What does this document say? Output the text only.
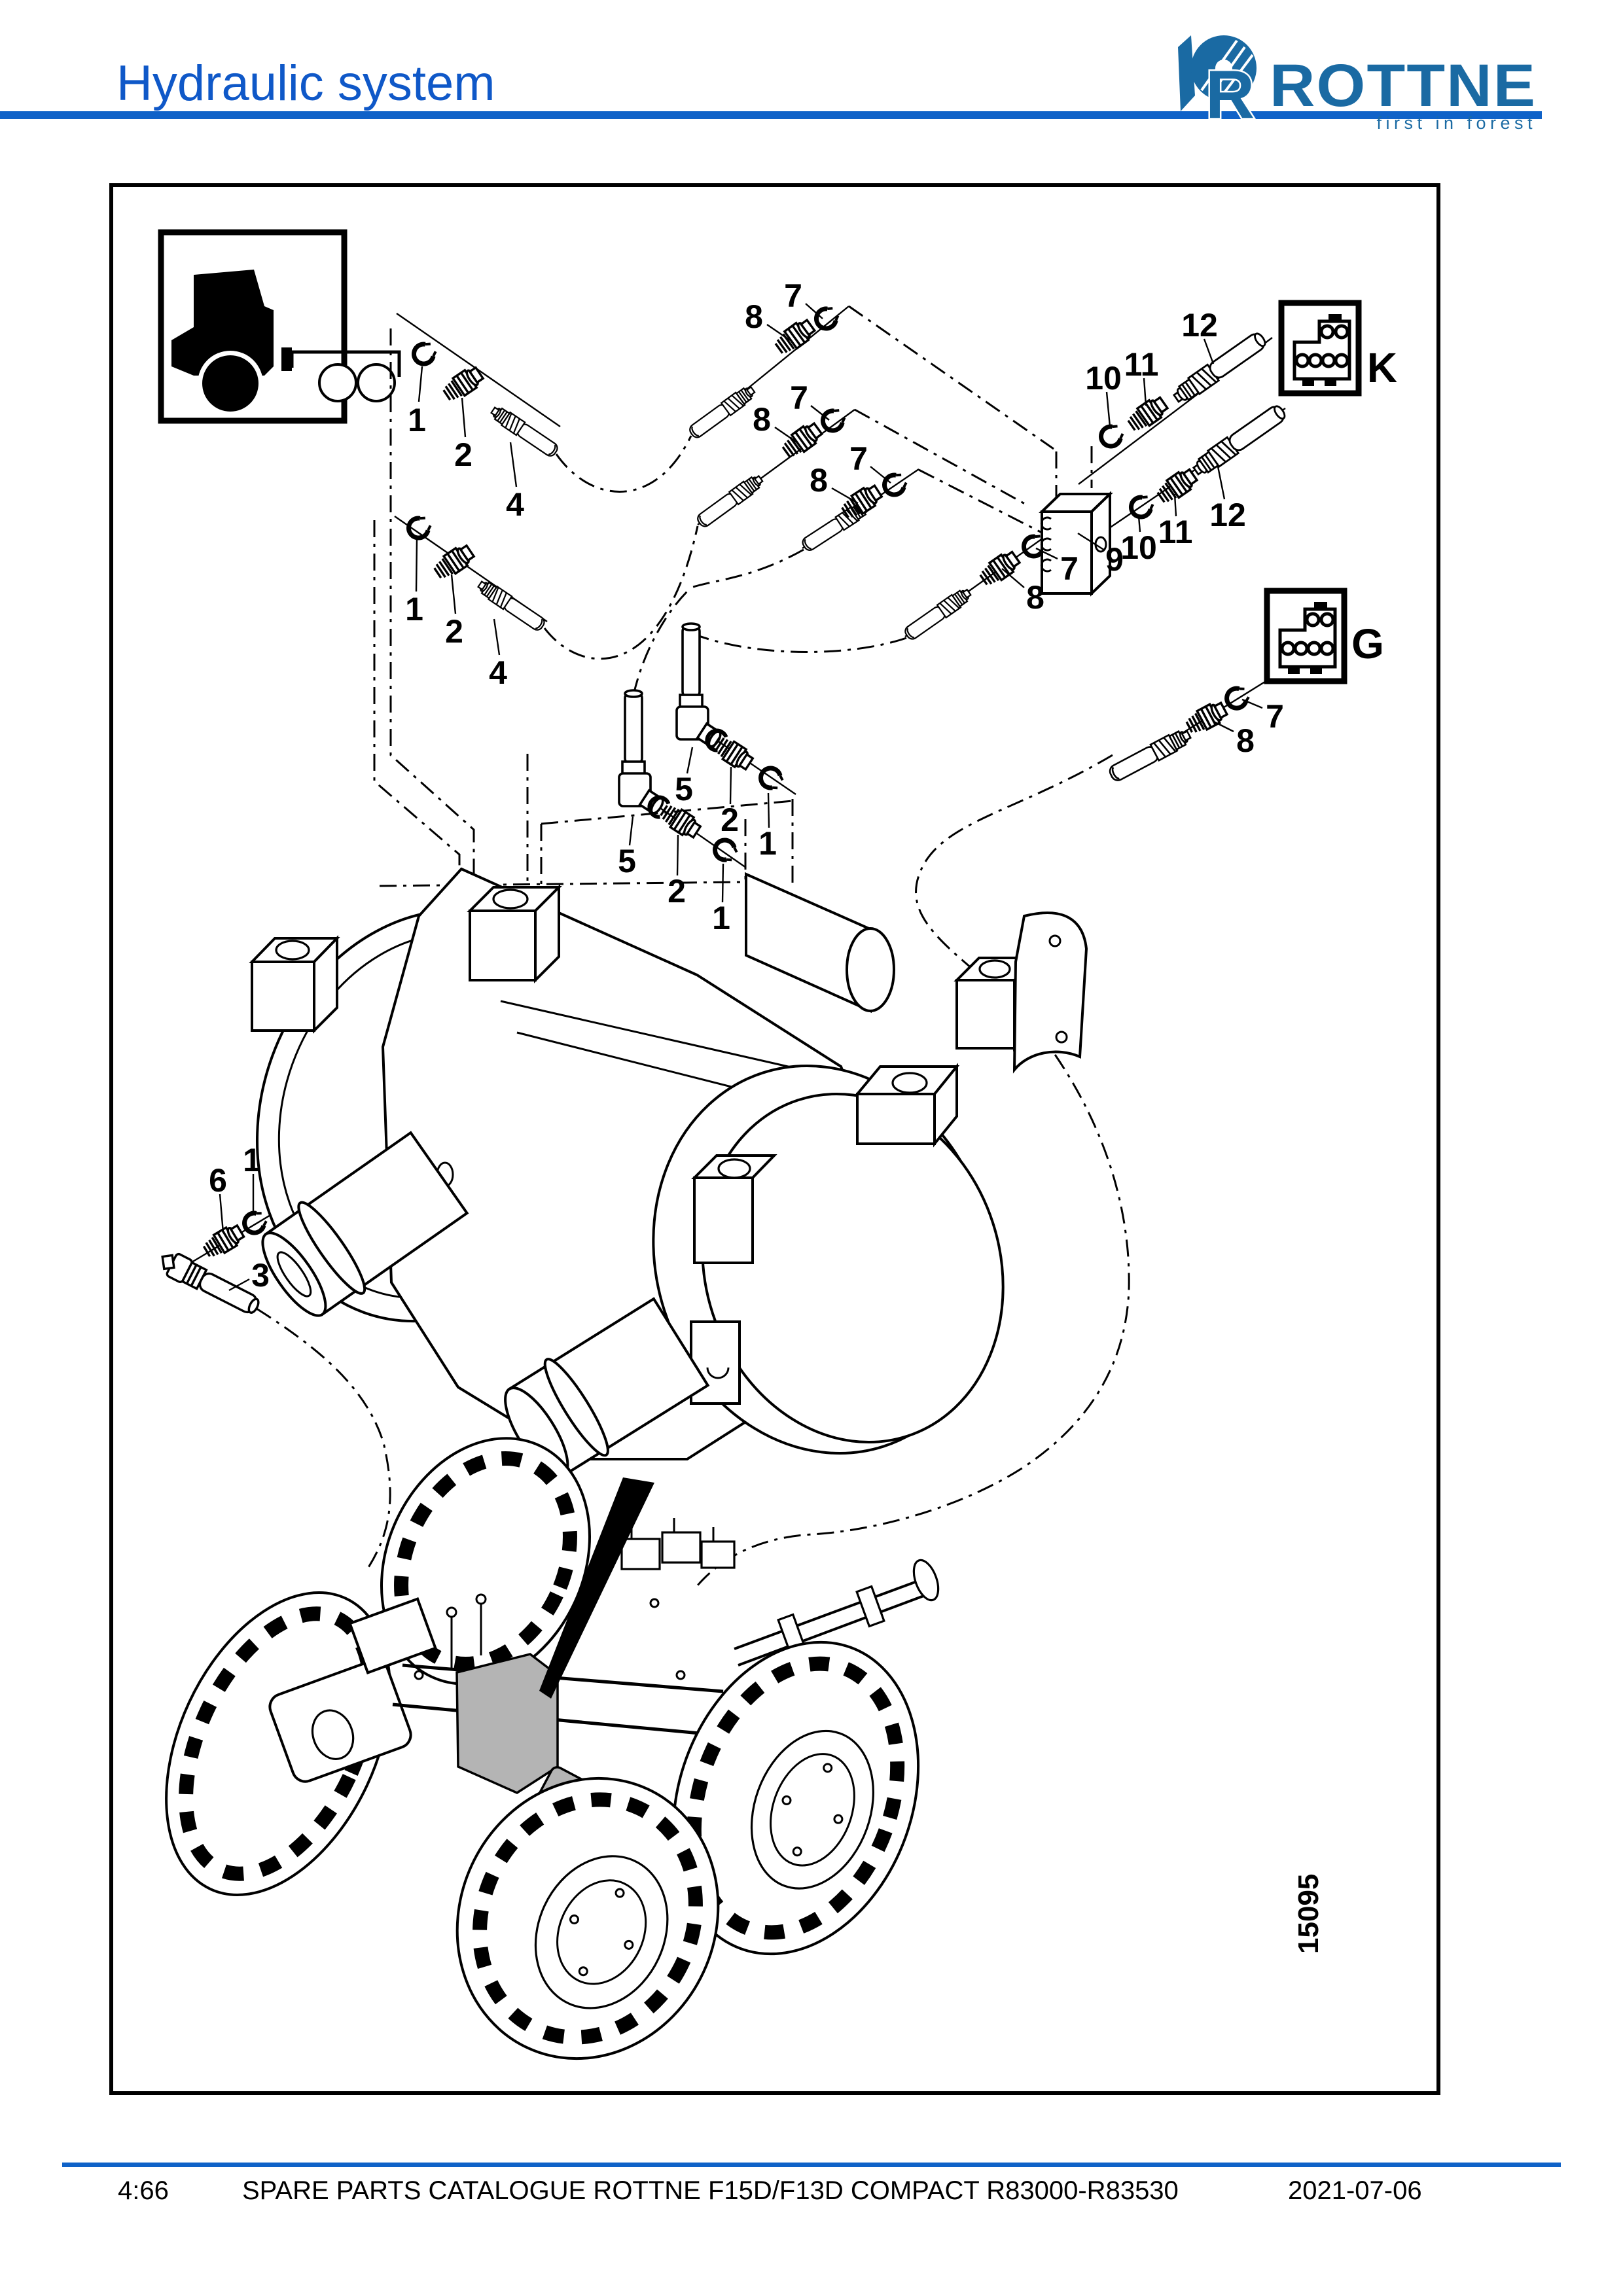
Hydraulic system	R ROTTNE
first in forest
K
G
15095
1
2
4
1
2
4
8
7
8
7
8
7
7
8
9
10 11
12
10 11 12
7
8
5
2
1
5
2
1
6
1
3
4:66	SPARE PARTS CATALOGUE ROTTNE F15D/F13D COMPACT R83000-R83530	2021-07-06
